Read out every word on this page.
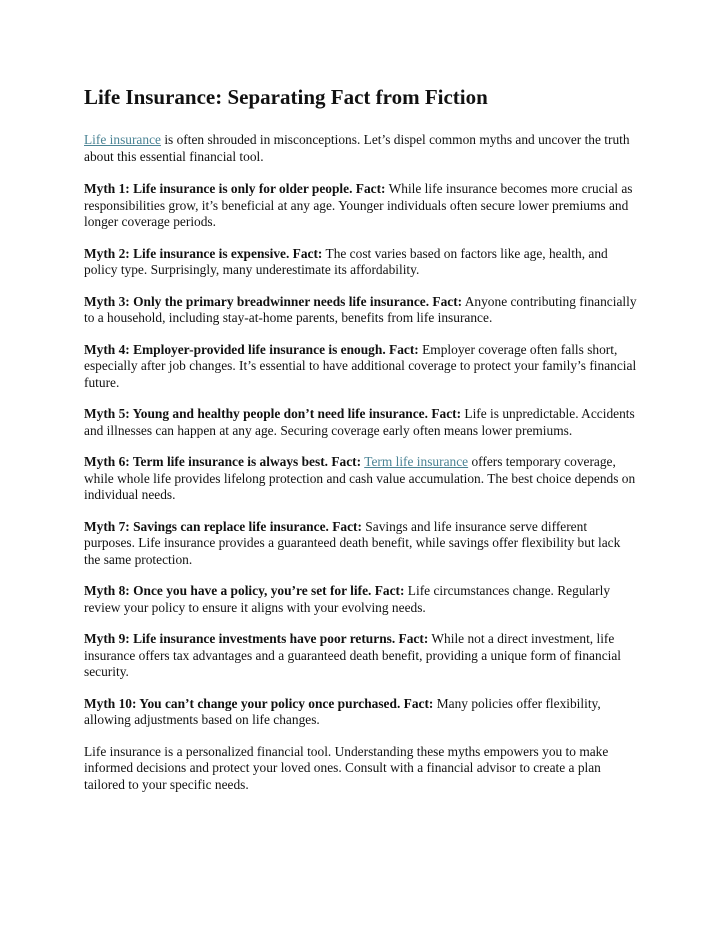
Life Insurance: Separating Fact from Fiction

Life insurance is often shrouded in misconceptions. Let’s dispel common myths and uncover the truth about this essential financial tool.

Myth 1: Life insurance is only for older people. Fact: While life insurance becomes more crucial as responsibilities grow, it’s beneficial at any age. Younger individuals often secure lower premiums and longer coverage periods.

Myth 2: Life insurance is expensive. Fact: The cost varies based on factors like age, health, and policy type. Surprisingly, many underestimate its affordability.

Myth 3: Only the primary breadwinner needs life insurance. Fact: Anyone contributing financially to a household, including stay-at-home parents, benefits from life insurance.

Myth 4: Employer-provided life insurance is enough. Fact: Employer coverage often falls short, especially after job changes. It’s essential to have additional coverage to protect your family’s financial future.

Myth 5: Young and healthy people don’t need life insurance. Fact: Life is unpredictable. Accidents and illnesses can happen at any age. Securing coverage early often means lower premiums.

Myth 6: Term life insurance is always best. Fact: Term life insurance offers temporary coverage, while whole life provides lifelong protection and cash value accumulation. The best choice depends on individual needs.

Myth 7: Savings can replace life insurance. Fact: Savings and life insurance serve different purposes. Life insurance provides a guaranteed death benefit, while savings offer flexibility but lack the same protection.

Myth 8: Once you have a policy, you’re set for life. Fact: Life circumstances change. Regularly review your policy to ensure it aligns with your evolving needs.

Myth 9: Life insurance investments have poor returns. Fact: While not a direct investment, life insurance offers tax advantages and a guaranteed death benefit, providing a unique form of financial security.

Myth 10: You can’t change your policy once purchased. Fact: Many policies offer flexibility, allowing adjustments based on life changes.

Life insurance is a personalized financial tool. Understanding these myths empowers you to make informed decisions and protect your loved ones. Consult with a financial advisor to create a plan tailored to your specific needs.
